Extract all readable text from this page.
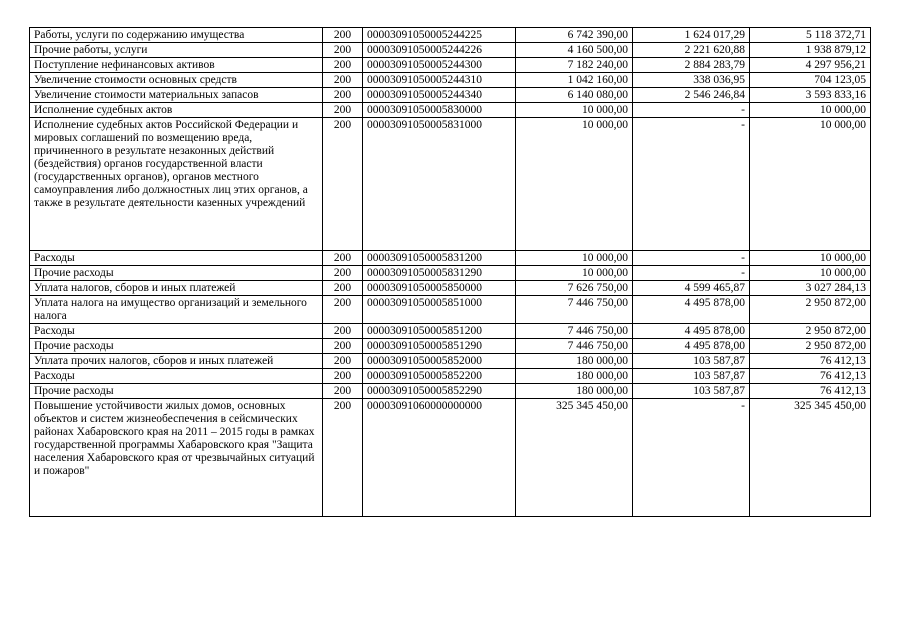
Работы, услуги по содержанию имущества	200	00003091050005244225	6 742 390,00	1 624 017,29	5 118 372,71
Прочие работы, услуги	200	00003091050005244226	4 160 500,00	2 221 620,88	1 938 879,12
Поступление нефинансовых активов	200	00003091050005244300	7 182 240,00	2 884 283,79	4 297 956,21
Увеличение стоимости основных средств	200	00003091050005244310	1 042 160,00	338 036,95	704 123,05
Увеличение стоимости материальных запасов	200	00003091050005244340	6 140 080,00	2 546 246,84	3 593 833,16
Исполнение судебных актов	200	00003091050005830000	10 000,00	-	10 000,00
Исполнение судебных актов Российской Федерации и мировых соглашений по возмещению вреда, причиненного в результате незаконных действий (бездействия) органов государственной власти (государственных органов), органов местного самоуправления либо должностных лиц этих органов, а также в результате деятельности казенных учреждений	200	00003091050005831000	10 000,00	-	10 000,00
Расходы	200	00003091050005831200	10 000,00	-	10 000,00
Прочие расходы	200	00003091050005831290	10 000,00	-	10 000,00
Уплата налогов, сборов и иных платежей	200	00003091050005850000	7 626 750,00	4 599 465,87	3 027 284,13
Уплата налога на имущество организаций и земельного налога	200	00003091050005851000	7 446 750,00	4 495 878,00	2 950 872,00
Расходы	200	00003091050005851200	7 446 750,00	4 495 878,00	2 950 872,00
Прочие расходы	200	00003091050005851290	7 446 750,00	4 495 878,00	2 950 872,00
Уплата прочих налогов, сборов и иных платежей	200	00003091050005852000	180 000,00	103 587,87	76 412,13
Расходы	200	00003091050005852200	180 000,00	103 587,87	76 412,13
Прочие расходы	200	00003091050005852290	180 000,00	103 587,87	76 412,13
Повышение устойчивости жилых домов, основных объектов и систем жизнеобеспечения в сейсмических районах Хабаровского края на 2011 – 2015 годы в рамках государственной программы Хабаровского края "Защита населения Хабаровского края от чрезвычайных ситуаций и пожаров"	200	00003091060000000000	325 345 450,00	-	325 345 450,00
